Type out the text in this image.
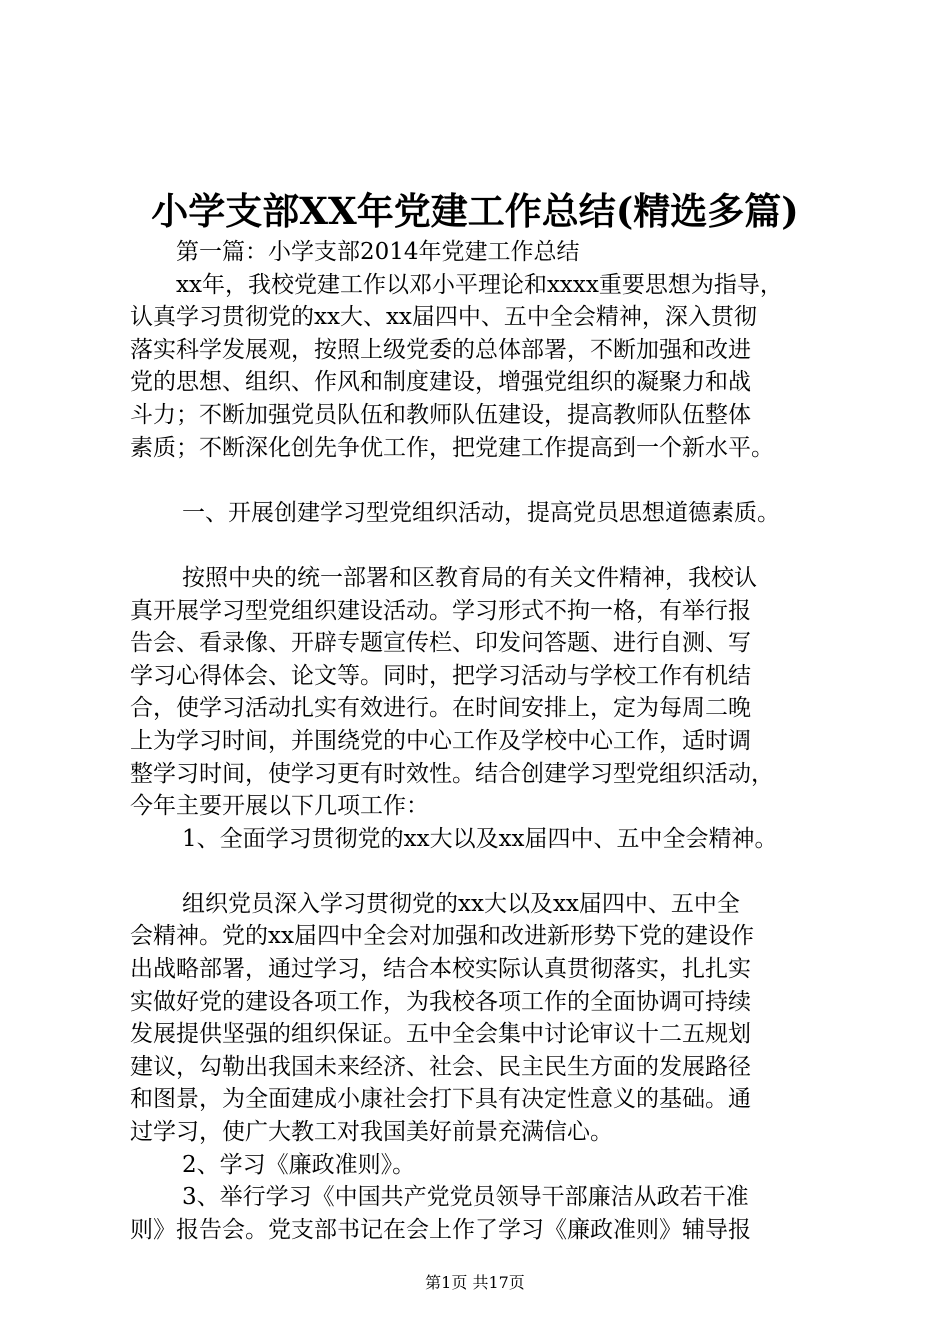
小学支部XX年党建工作总结(精选多篇)

第一篇：小学支部2014年党建工作总结

xx年，我校党建工作以邓小平理论和xxxx重要思想为指导，

认真学习贯彻党的xx大、xx届四中、五中全会精神，深入贯彻

落实科学发展观，按照上级党委的总体部署，不断加强和改进

党的思想、组织、作风和制度建设，增强党组织的凝聚力和战

斗力；不断加强党员队伍和教师队伍建设，提高教师队伍整体

素质；不断深化创先争优工作，把党建工作提高到一个新水平。

一、开展创建学习型党组织活动，提高党员思想道德素质。

按照中央的统一部署和区教育局的有关文件精神，我校认

真开展学习型党组织建设活动。学习形式不拘一格，有举行报

告会、看录像、开辟专题宣传栏、印发问答题、进行自测、写

学习心得体会、论文等。同时，把学习活动与学校工作有机结

合，使学习活动扎实有效进行。在时间安排上，定为每周二晚

上为学习时间，并围绕党的中心工作及学校中心工作，适时调

整学习时间，使学习更有时效性。结合创建学习型党组织活动，

今年主要开展以下几项工作：

1、全面学习贯彻党的xx大以及xx届四中、五中全会精神。

组织党员深入学习贯彻党的xx大以及xx届四中、五中全

会精神。党的xx届四中全会对加强和改进新形势下党的建设作

出战略部署，通过学习，结合本校实际认真贯彻落实，扎扎实

实做好党的建设各项工作，为我校各项工作的全面协调可持续

发展提供坚强的组织保证。五中全会集中讨论审议十二五规划

建议，勾勒出我国未来经济、社会、民主民生方面的发展路径

和图景，为全面建成小康社会打下具有决定性意义的基础。通

过学习，使广大教工对我国美好前景充满信心。

2、学习《廉政准则》。

3、举行学习《中国共产党党员领导干部廉洁从政若干准

则》报告会。党支部书记在会上作了学习《廉政准则》辅导报

第1页 共17页
